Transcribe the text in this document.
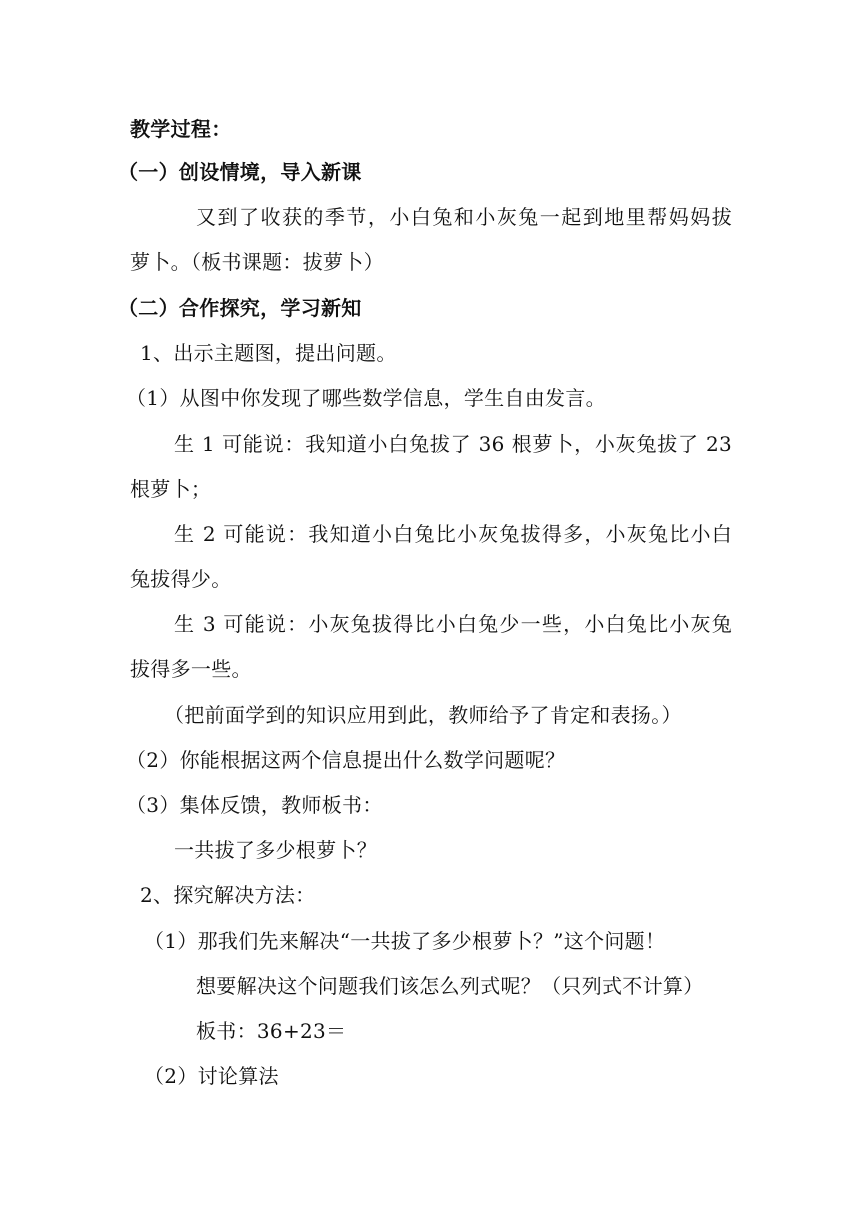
教学过程：
（一）创设情境，导入新课
又到了收获的季节，小白兔和小灰兔一起到地里帮妈妈拔
萝卜。（板书课题：拔萝卜）
（二）合作探究，学习新知
1、出示主题图，提出问题。
（1）从图中你发现了哪些数学信息，学生自由发言。
生 1 可能说：我知道小白兔拔了 36 根萝卜，小灰兔拔了 23
根萝卜；
生 2 可能说：我知道小白兔比小灰兔拔得多，小灰兔比小白
兔拔得少。
生 3 可能说：小灰兔拔得比小白兔少一些，小白兔比小灰兔
拔得多一些。
（把前面学到的知识应用到此，教师给予了肯定和表扬。）
（2）你能根据这两个信息提出什么数学问题呢？
（3）集体反馈，教师板书：
一共拔了多少根萝卜？
2、探究解决方法：
（1）那我们先来解决“一共拔了多少根萝卜？”这个问题！
想要解决这个问题我们该怎么列式呢？（只列式不计算）
板书：36+23＝
（2）讨论算法
